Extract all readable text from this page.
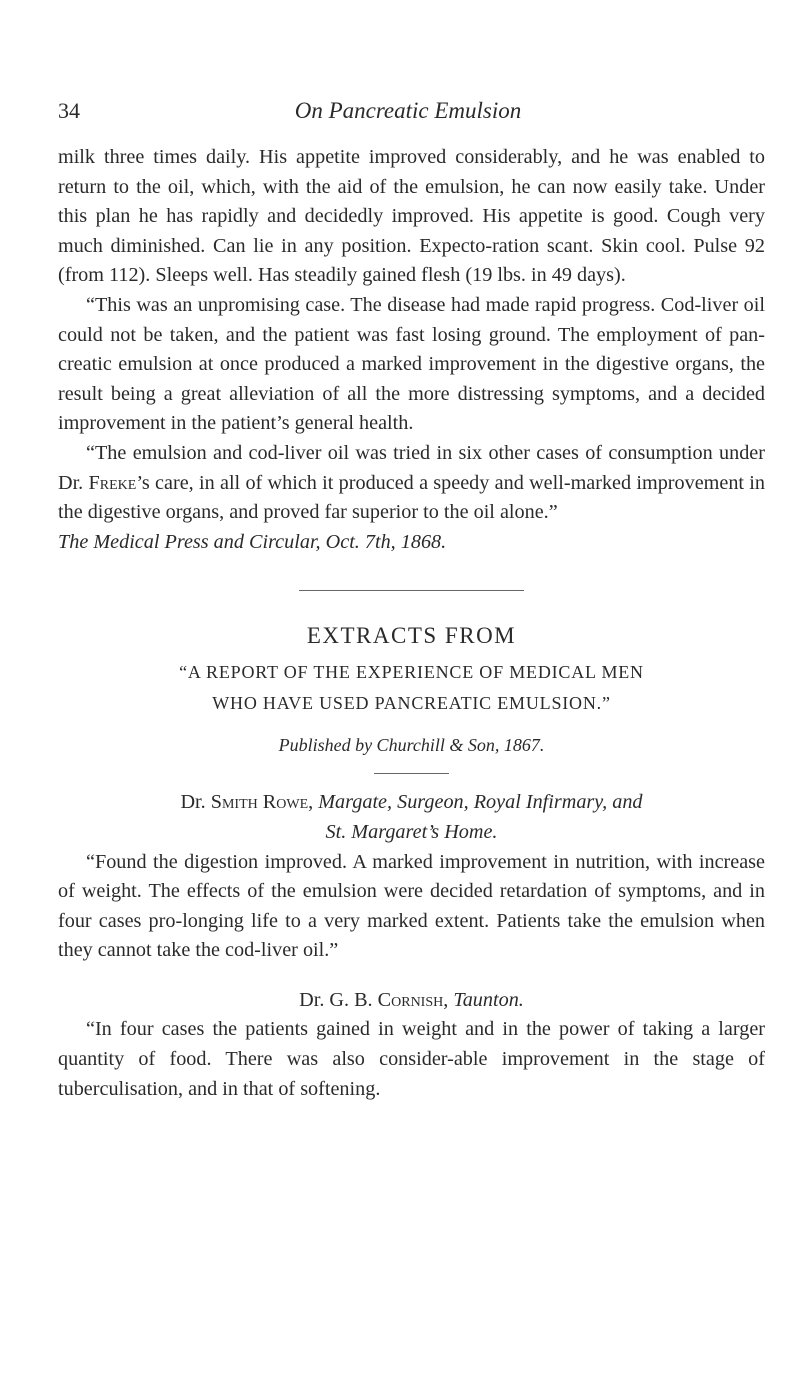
34	On Pancreatic Emulsion

milk three times daily. His appetite improved considerably, and he was enabled to return to the oil, which, with the aid of the emulsion, he can now easily take. Under this plan he has rapidly and decidedly improved. His appetite is good. Cough very much diminished. Can lie in any position. Expecto-ration scant. Skin cool. Pulse 92 (from 112). Sleeps well. Has steadily gained flesh (19 lbs. in 49 days).

“This was an unpromising case. The disease had made rapid progress. Cod-liver oil could not be taken, and the patient was fast losing ground. The employment of pan-creatic emulsion at once produced a marked improvement in the digestive organs, the result being a great alleviation of all the more distressing symptoms, and a decided improvement in the patient’s general health.

“The emulsion and cod-liver oil was tried in six other cases of consumption under Dr. Freke’s care, in all of which it produced a speedy and well-marked improvement in the digestive organs, and proved far superior to the oil alone.”

The Medical Press and Circular, Oct. 7th, 1868.

EXTRACTS FROM
“A REPORT OF THE EXPERIENCE OF MEDICAL MEN
WHO HAVE USED PANCREATIC EMULSION.”
Published by Churchill & Son, 1867.
Dr. Smith Rowe, Margate, Surgeon, Royal Infirmary, and
St. Margaret’s Home.

“Found the digestion improved. A marked improvement in nutrition, with increase of weight. The effects of the emulsion were decided retardation of symptoms, and in four cases pro-longing life to a very marked extent. Patients take the emulsion when they cannot take the cod-liver oil.”

Dr. G. B. Cornish, Taunton.

“In four cases the patients gained in weight and in the power of taking a larger quantity of food. There was also consider-able improvement in the stage of tuberculisation, and in that of softening.
